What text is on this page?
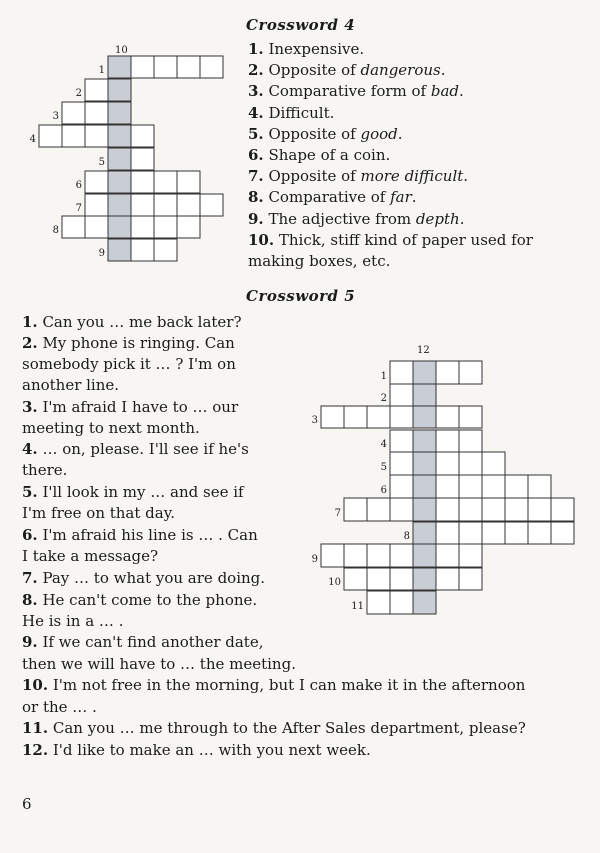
10
1
2
3
4
5
6
7
8
9
12
1
2
3
4
5
6
7
8
9
10
11
Crossword 4
1. Inexpensive.
2. Opposite of dangerous.
3. Comparative form of bad.
4. Difficult.
5. Opposite of good.
6. Shape of a coin.
7. Opposite of more difficult.
8. Comparative of far.
9. The adjective from depth.
10. Thick, stiff kind of paper used for
making boxes, etc.
Crossword 5
1. Can you … me back later?
2. My phone is ringing. Can
somebody pick it … ? I'm on
another line.
3. I'm afraid I have to … our
meeting to next month.
4. … on, please. I'll see if he's
there.
5. I'll look in my … and see if
I'm free on that day.
6. I'm afraid his line is … . Can
I take a message?
7. Pay … to what you are doing.
8. He can't come to the phone.
He is in a … .
9. If we can't find another date,
then we will have to … the meeting.
10. I'm not free in the morning, but I can make it in the afternoon
or the … .
11. Can you … me through to the After Sales department, please?
12. I'd like to make an … with you next week.
6
